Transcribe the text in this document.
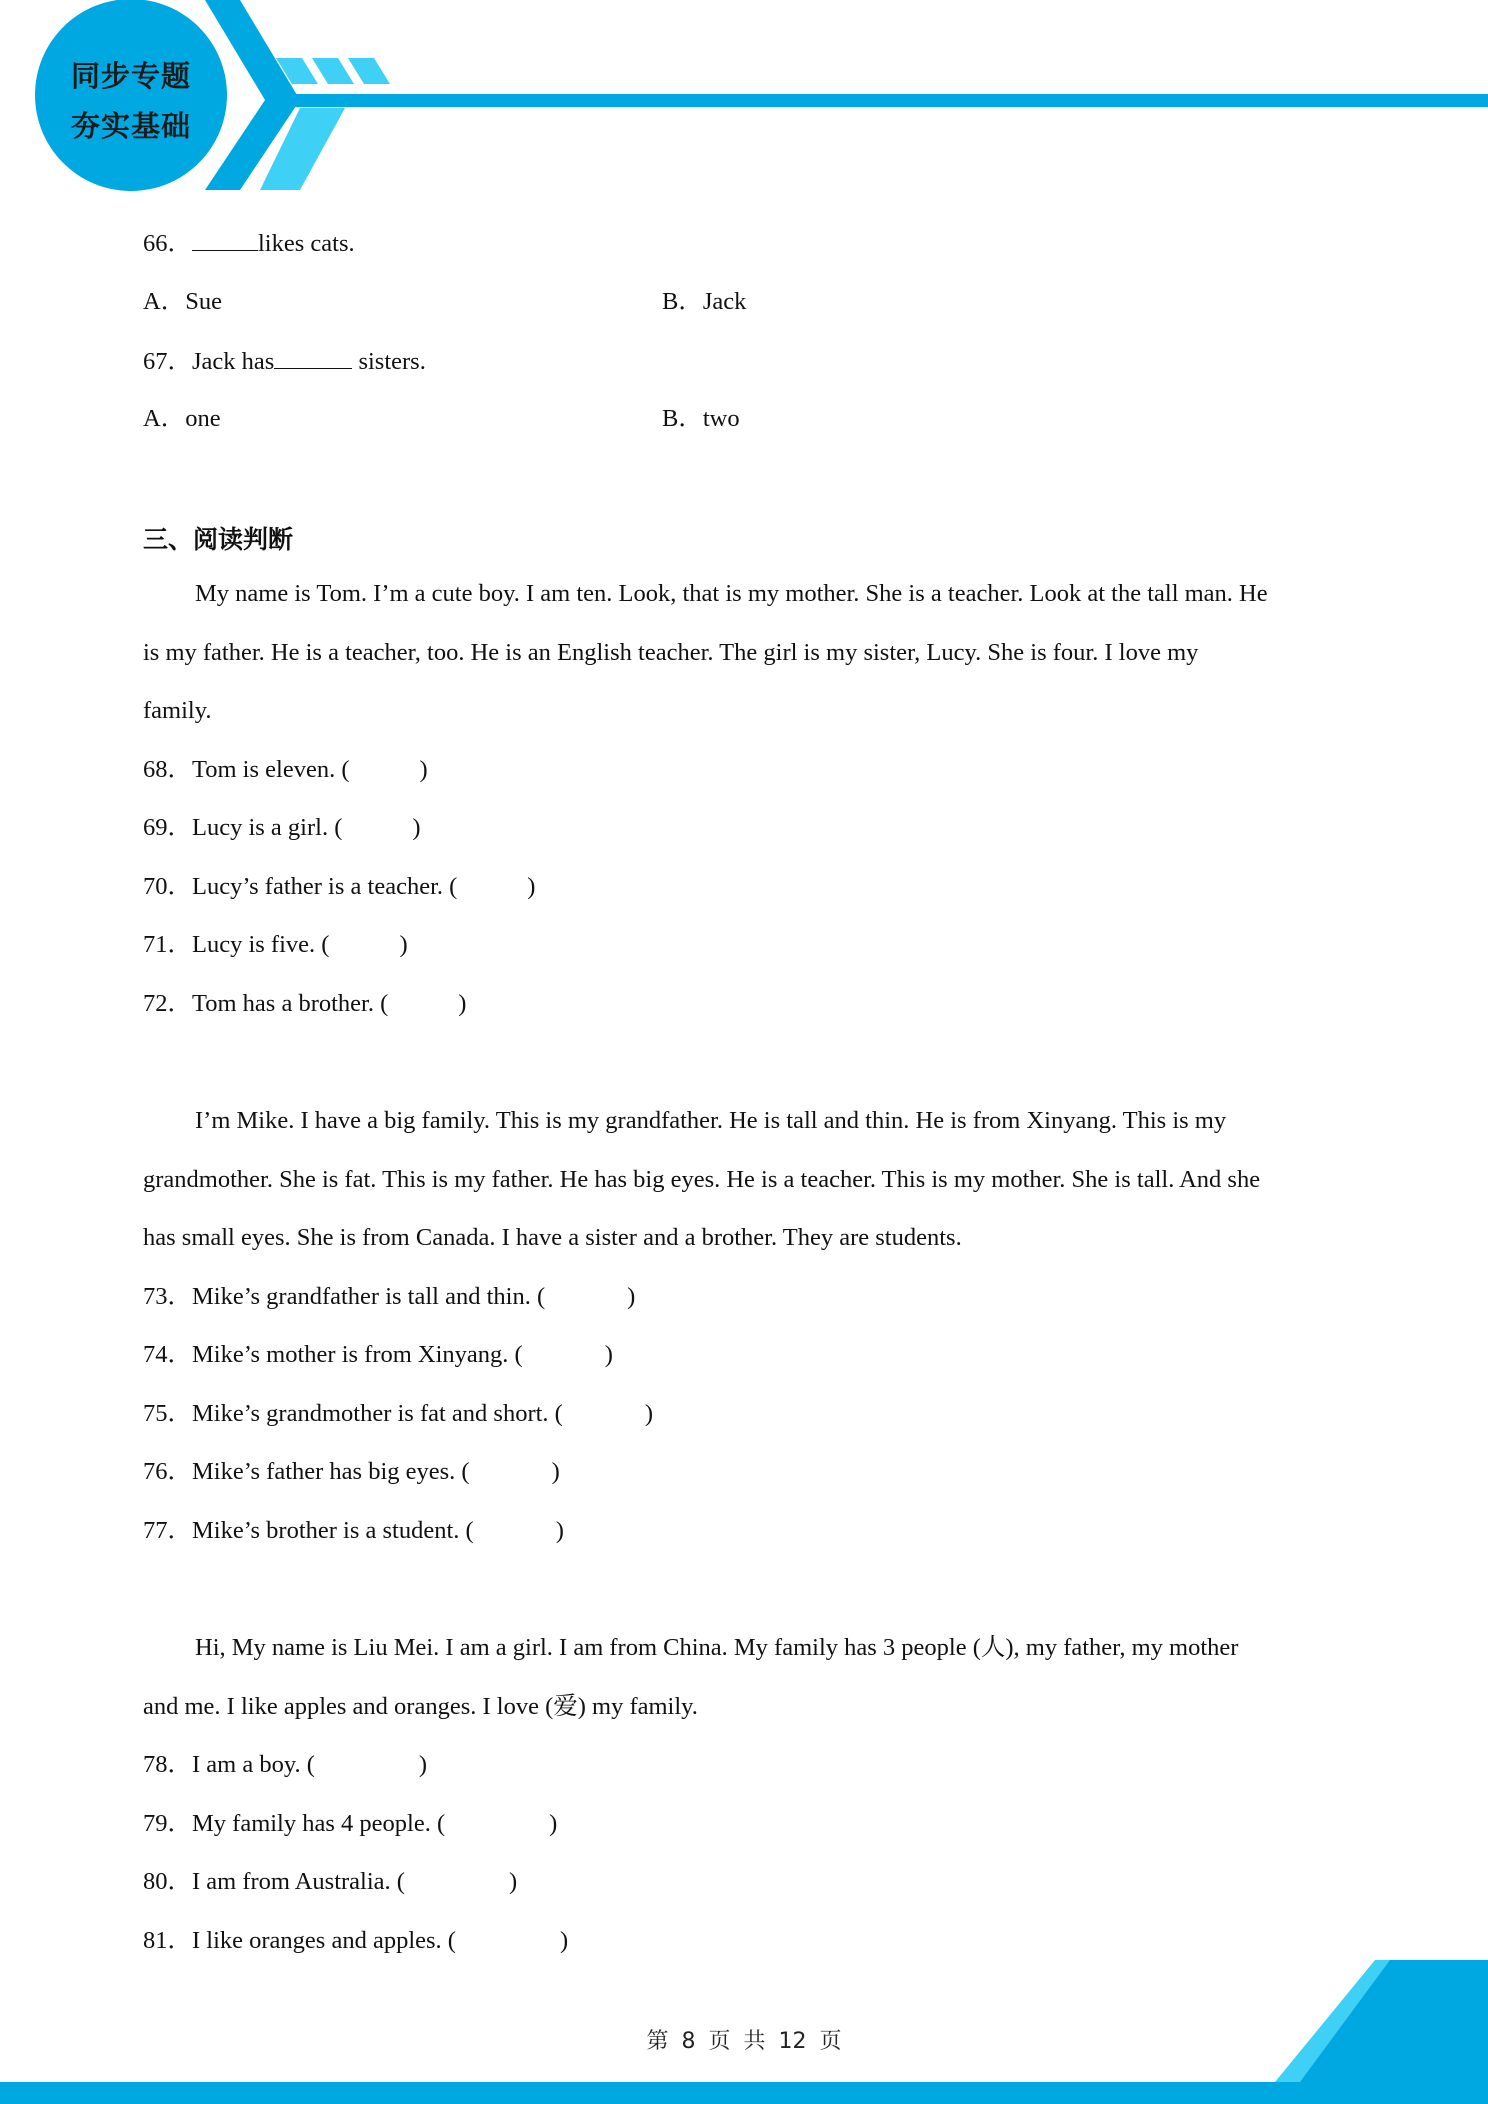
同步专题
夯实基础
66．	likes cats.
A．Sue	B．Jack
67．Jack has	sisters.
A．one	B．two
三、阅读判断
My name is Tom. I’m a cute boy. I am ten. Look, that is my mother. She is a teacher. Look at the tall man. He
is my father. He is a teacher, too. He is an English teacher. The girl is my sister, Lucy. She is four. I love my
family.
68．Tom is eleven. (	)
69．Lucy is a girl. (	)
70．Lucy’s father is a teacher. (	)
71．Lucy is five. (	)
72．Tom has a brother. (	)
I’m Mike. I have a big family. This is my grandfather. He is tall and thin. He is from Xinyang. This is my
grandmother. She is fat. This is my father. He has big eyes. He is a teacher. This is my mother. She is tall. And she
has small eyes. She is from Canada. I have a sister and a brother. They are students.
73．Mike’s grandfather is tall and thin. (	)
74．Mike’s mother is from Xinyang. (	)
75．Mike’s grandmother is fat and short. (	)
76．Mike’s father has big eyes. (	)
77．Mike’s brother is a student. (	)
Hi, My name is Liu Mei. I am a girl. I am from China. My family has 3 people (人), my father, my mother
and me. I like apples and oranges. I love (爱) my family.
78．I am a boy. (	)
79．My family has 4 people. (	)
80．I am from Australia. (	)
81．I like oranges and apples. (	)
第 8 页 共 12 页
